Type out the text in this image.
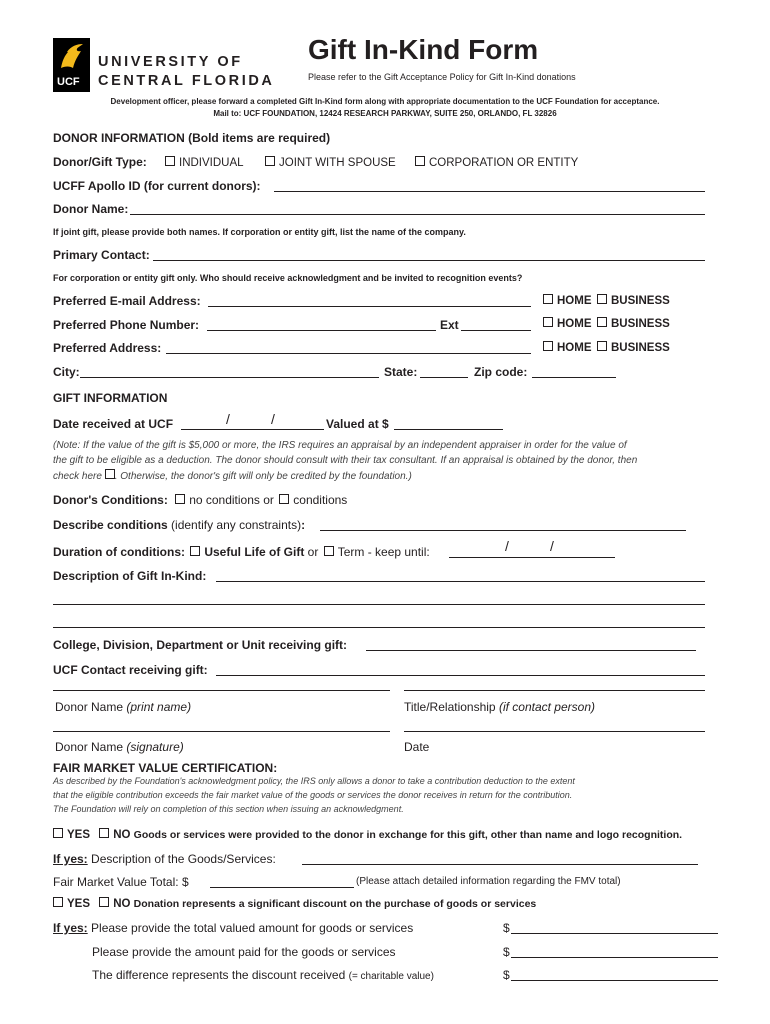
UCF
UNIVERSITY OF
CENTRAL FLORIDA
Gift In-Kind Form
Please refer to the Gift Acceptance Policy for Gift In-Kind donations
Development officer, please forward a completed Gift In-Kind form along with appropriate documentation to the UCF Foundation for acceptance.
Mail to: UCF FOUNDATION, 12424 RESEARCH PARKWAY, SUITE 250, ORLANDO, FL 32826
DONOR INFORMATION (Bold items are required)
Donor/Gift Type:	INDIVIDUAL	JOINT WITH SPOUSE	CORPORATION OR ENTITY
UCFF Apollo ID (for current donors):
Donor Name:
If joint gift, please provide both names. If corporation or entity gift, list the name of the company.
Primary Contact:
For corporation or entity gift only. Who should receive acknowledgment and be invited to recognition events?
Preferred E-mail Address:	HOME	BUSINESS
Preferred Phone Number:	Ext	HOME	BUSINESS
Preferred Address:	HOME	BUSINESS
City:	State:	Zip code:
GIFT INFORMATION
Date received at UCF	/	/	Valued at $
(Note: If the value of the gift is $5,000 or more, the IRS requires an appraisal by an independent appraiser in order for the value of
the gift to be eligible as a deduction. The donor should consult with their tax consultant. If an appraisal is obtained by the donor, then
check here . Otherwise, the donor's gift will only be credited by the foundation.)
Donor's Conditions: no conditions or conditions
Describe conditions (identify any constraints):
Duration of conditions: Useful Life of Gift or Term - keep until:	/	/
Description of Gift In-Kind:
College, Division, Department or Unit receiving gift:
UCF Contact receiving gift:
Donor Name (print name)	Title/Relationship (if contact person)
Donor Name (signature)	Date
FAIR MARKET VALUE CERTIFICATION:
As described by the Foundation's acknowledgment policy, the IRS only allows a donor to take a contribution deduction to the extent
that the eligible contribution exceeds the fair market value of the goods or services the donor receives in return for the contribution.
The Foundation will rely on completion of this section when issuing an acknowledgment.
YES NO Goods or services were provided to the donor in exchange for this gift, other than name and logo recognition.
If yes: Description of the Goods/Services:
Fair Market Value Total: $	(Please attach detailed information regarding the FMV total)
YES NO Donation represents a significant discount on the purchase of goods or services
If yes: Please provide the total valued amount for goods or services	$
Please provide the amount paid for the goods or services	$
The difference represents the discount received (= charitable value)	$
